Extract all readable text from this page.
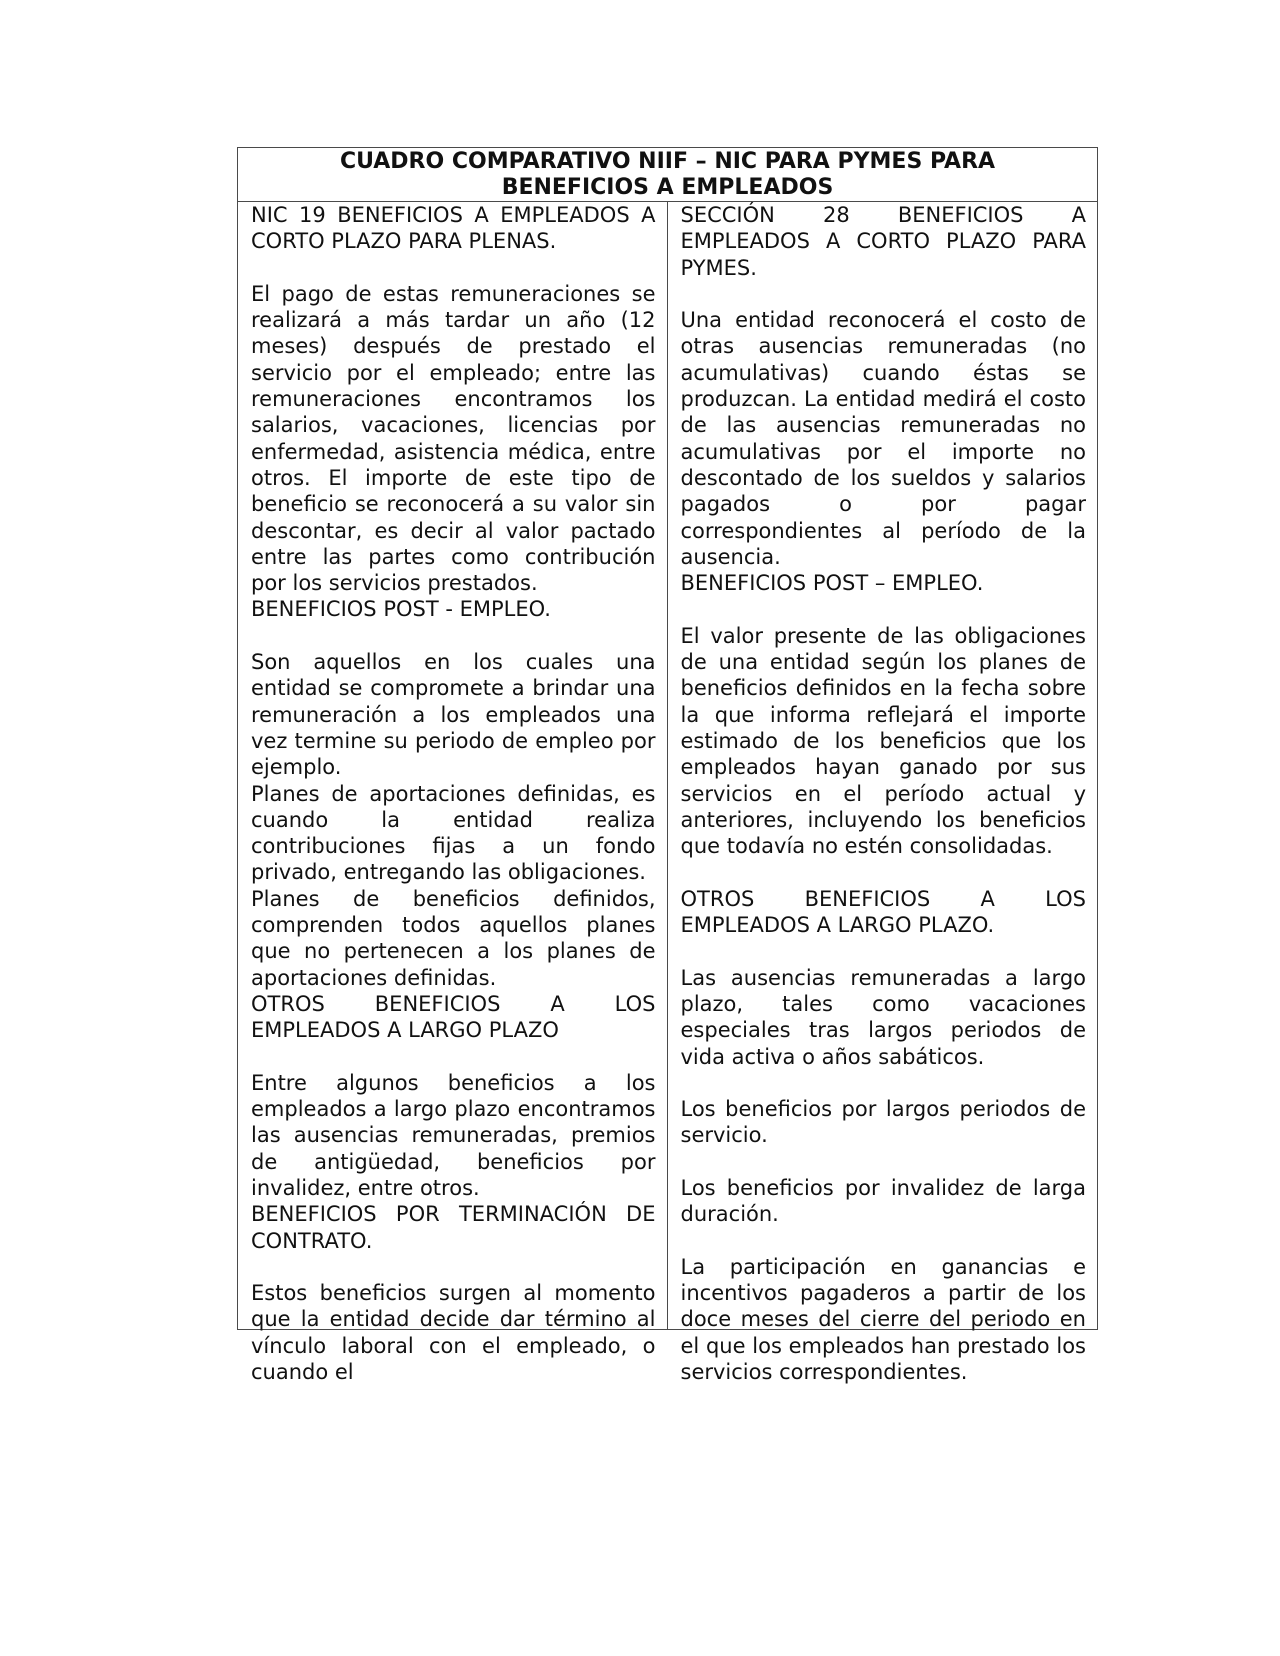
CUADRO COMPARATIVO NIIF – NIC PARA PYMES PARA
BENEFICIOS A EMPLEADOS

NIC 19 BENEFICIOS A EMPLEADOS A CORTO PLAZO PARA PLENAS.

El pago de estas remuneraciones se realizará a más tardar un año (12 meses) después de prestado el servicio por el empleado; entre las remuneraciones encontramos los salarios, vacaciones, licencias por enfermedad, asistencia médica, entre otros. El importe de este tipo de beneficio se reconocerá a su valor sin descontar, es decir al valor pactado entre las partes como contribución por los servicios prestados.

BENEFICIOS POST - EMPLEO.

Son aquellos en los cuales una entidad se compromete a brindar una remuneración a los empleados una vez termine su periodo de empleo por ejemplo.

Planes de aportaciones definidas, es cuando la entidad realiza contribuciones fijas a un fondo privado, entregando las obligaciones.

Planes de beneficios definidos, comprenden todos aquellos planes que no pertenecen a los planes de aportaciones definidas.

OTROS BENEFICIOS A LOS EMPLEADOS A LARGO PLAZO

Entre algunos beneficios a los empleados a largo plazo encontramos las ausencias remuneradas, premios de antigüedad, beneficios por invalidez, entre otros.

BENEFICIOS POR TERMINACIÓN DE CONTRATO.

Estos beneficios surgen al momento que la entidad decide dar término al vínculo laboral con el empleado, o cuando el

SECCIÓN 28 BENEFICIOS A EMPLEADOS A CORTO PLAZO PARA PYMES.

Una entidad reconocerá el costo de otras ausencias remuneradas (no acumulativas) cuando éstas se produzcan. La entidad medirá el costo de las ausencias remuneradas no acumulativas por el importe no descontado de los sueldos y salarios pagados o por pagar correspondientes al período de la ausencia.

BENEFICIOS POST – EMPLEO.

El valor presente de las obligaciones de una entidad según los planes de beneficios definidos en la fecha sobre la que informa reflejará el importe estimado de los beneficios que los empleados hayan ganado por sus servicios en el período actual y anteriores, incluyendo los beneficios que todavía no estén consolidadas.

OTROS BENEFICIOS A LOS EMPLEADOS A LARGO PLAZO.

Las ausencias remuneradas a largo plazo, tales como vacaciones especiales tras largos periodos de vida activa o años sabáticos.

Los beneficios por largos periodos de servicio.

Los beneficios por invalidez de larga duración.

La participación en ganancias e incentivos pagaderos a partir de los doce meses del cierre del periodo en el que los empleados han prestado los servicios correspondientes.
